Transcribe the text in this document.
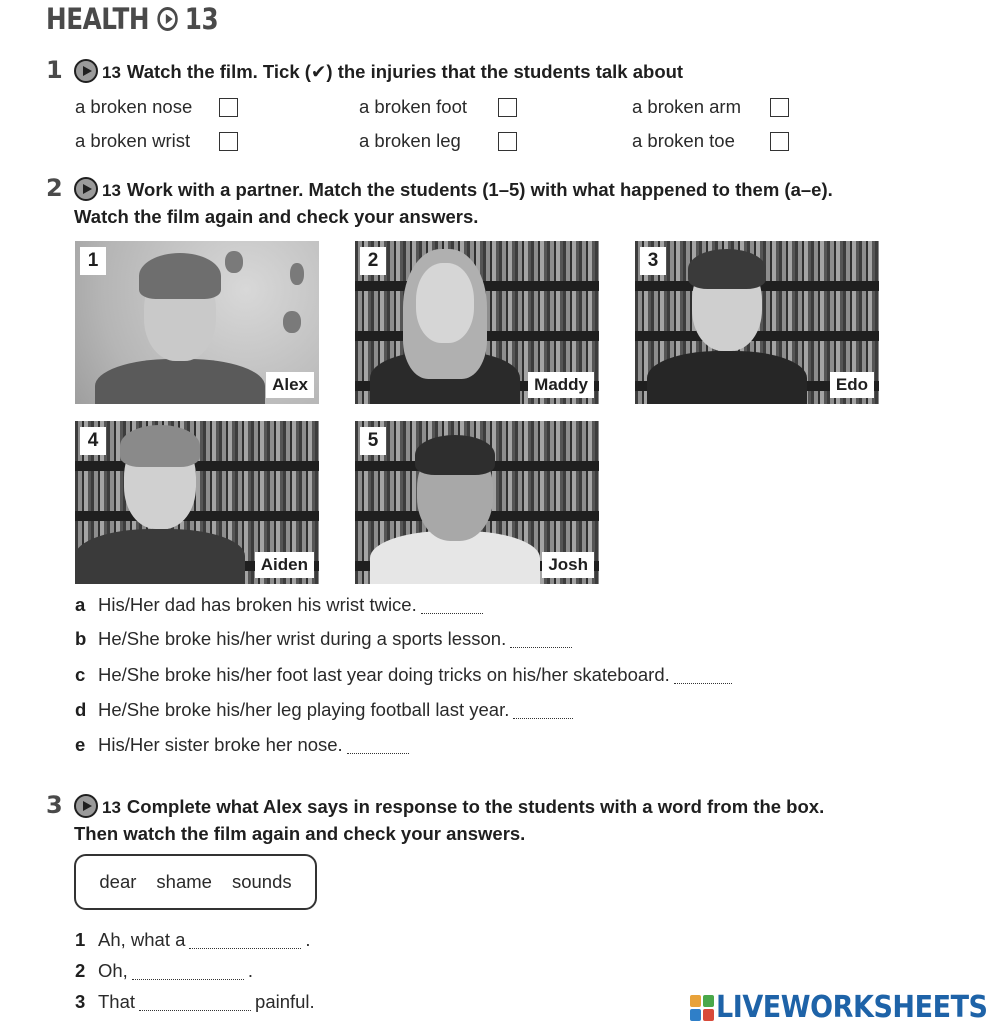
HEALTH 13
1 13 Watch the film. Tick (✔) the injuries that the students talk about
a broken nose	a broken foot	a broken arm
a broken wrist	a broken leg	a broken toe
2 13 Work with a partner. Match the students (1–5) with what happened to them (a–e).
Watch the film again and check your answers.
1
Alex
2
Maddy
3
Edo
4
Aiden
5
Josh
a His/Her dad has broken his wrist twice.
b He/She broke his/her wrist during a sports lesson.
c He/She broke his/her foot last year doing tricks on his/her skateboard.
d He/She broke his/her leg playing football last year.
e His/Her sister broke her nose.
3 13 Complete what Alex says in response to the students with a word from the box.
Then watch the film again and check your answers.
dear shame sounds
1 Ah, what a	.
2 Oh,	.
3 That	painful.	LIVEWORKSHEETS
